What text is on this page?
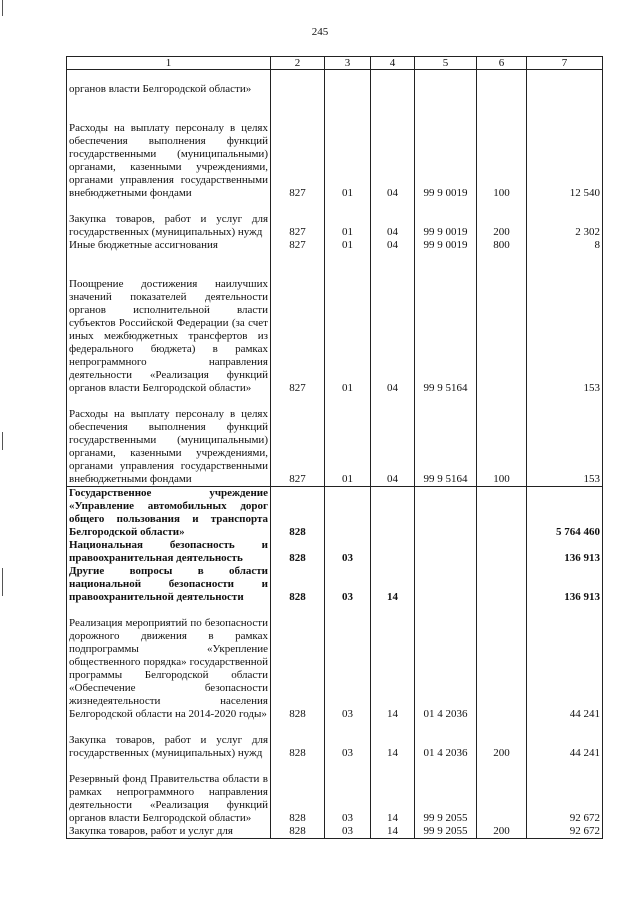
245
1	2	3	4	5	6	7
органов власти Белгородской области»						
Расходы на выплату персоналу в целях обеспечения выполнения функций государственными (муниципальными) органами, казенными учреждениями, органами управления государственными внебюджетными фондами	827	01	04	99 9 0019	100	12 540
Закупка товаров, работ и услуг для государственных (муниципальных) нужд	827	01	04	99 9 0019	200	2 302
Иные бюджетные ассигнования	827	01	04	99 9 0019	800	8
Поощрение достижения наилучших значений показателей деятельности органов исполнительной власти субъектов Российской Федерации (за счет иных межбюджетных трансфертов из федерального бюджета) в рамках непрограммного направления деятельности «Реализация функций органов власти Белгородской области»	827	01	04	99 9 5164		153
Расходы на выплату персоналу в целях обеспечения выполнения функций государственными (муниципальными) органами, казенными учреждениями, органами управления государственными внебюджетными фондами	827	01	04	99 9 5164	100	153
Государственное учреждение «Управление автомобильных дорог общего пользования и транспорта Белгородской области»	828					5 764 460
Национальная безопасность и правоохранительная деятельность	828	03				136 913
Другие вопросы в области национальной безопасности и правоохранительной деятельности	828	03	14			136 913
Реализация мероприятий по безопасности дорожного движения в рамках подпрограммы «Укрепление общественного порядка» государственной программы Белгородской области «Обеспечение безопасности жизнедеятельности населения Белгородской области на 2014-2020 годы»	828	03	14	01 4 2036		44 241
Закупка товаров, работ и услуг для государственных (муниципальных) нужд	828	03	14	01 4 2036	200	44 241
Резервный фонд Правительства области в рамках непрограммного направления деятельности «Реализация функций органов власти Белгородской области»	828	03	14	99 9 2055		92 672
Закупка товаров, работ и услуг для	828	03	14	99 9 2055	200	92 672
